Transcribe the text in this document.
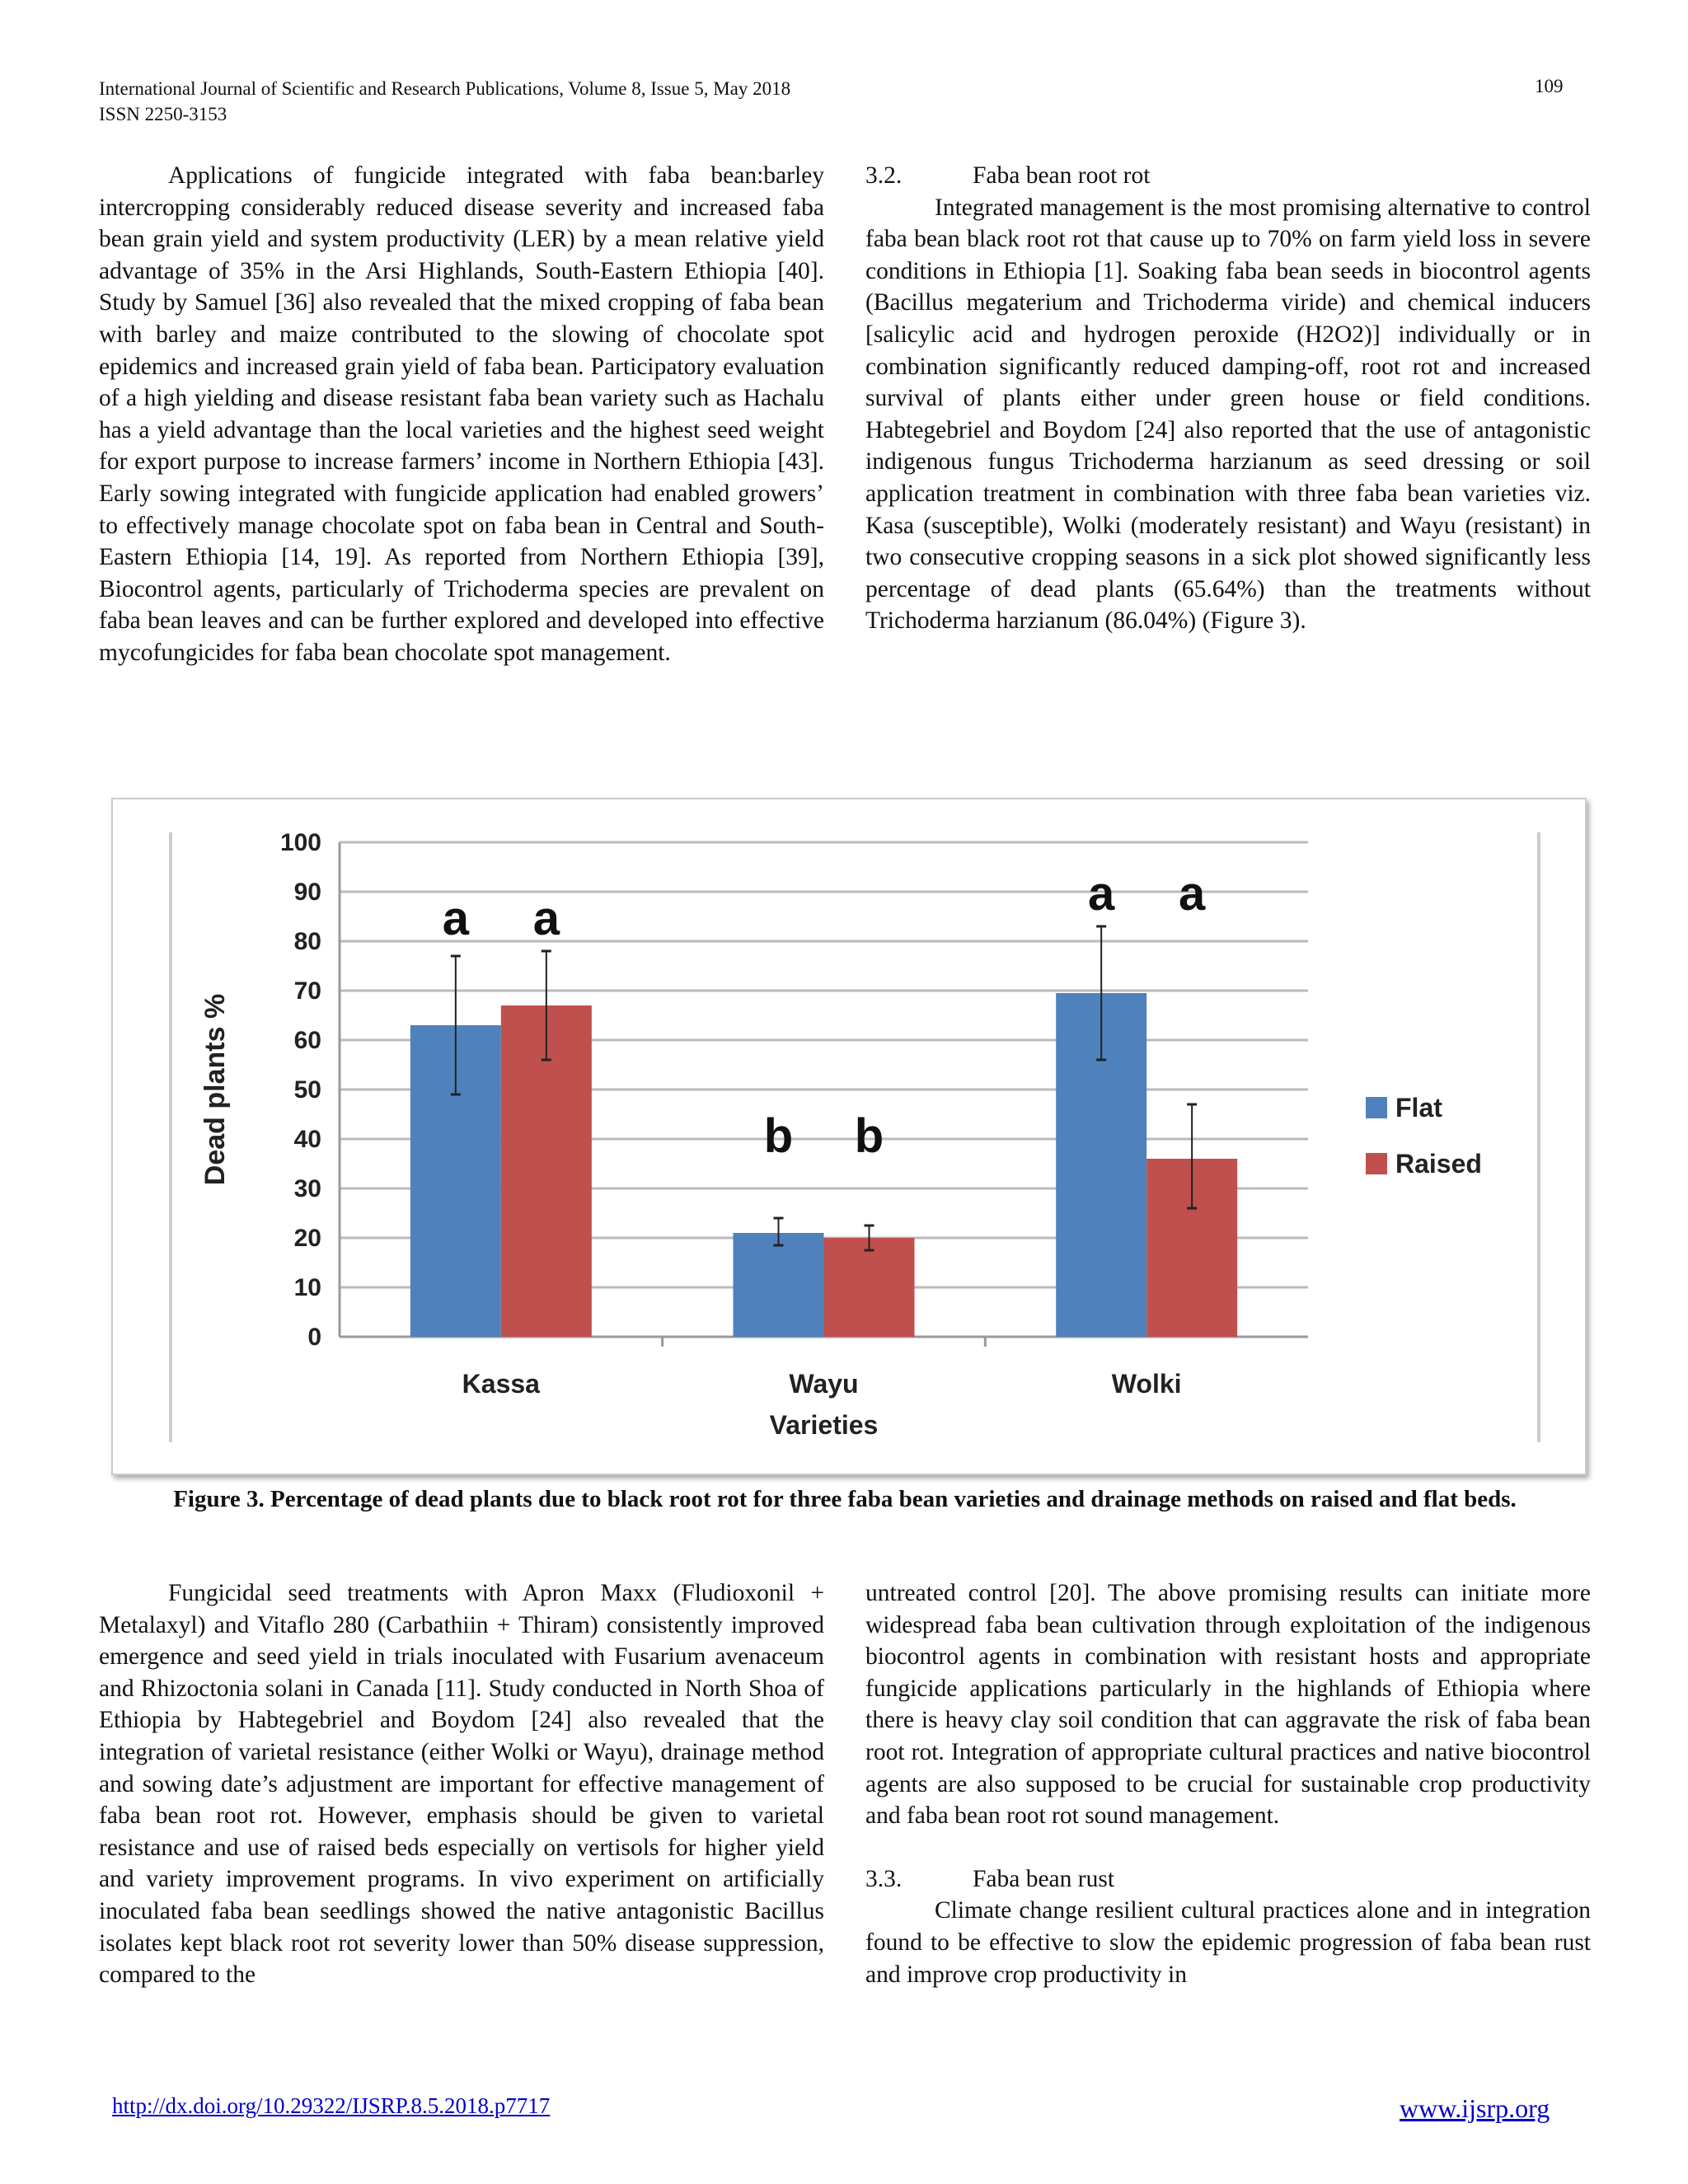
International Journal of Scientific and Research Publications, Volume 8, Issue 5, May 2018
ISSN 2250-3153
109

Applications of fungicide integrated with faba bean:barley intercropping considerably reduced disease severity and increased faba bean grain yield and system productivity (LER) by a mean relative yield advantage of 35% in the Arsi Highlands, South-Eastern Ethiopia [40]. Study by Samuel [36] also revealed that the mixed cropping of faba bean with barley and maize contributed to the slowing of chocolate spot epidemics and increased grain yield of faba bean. Participatory evaluation of a high yielding and disease resistant faba bean variety such as Hachalu has a yield advantage than the local varieties and the highest seed weight for export purpose to increase farmers’ income in Northern Ethiopia [43]. Early sowing integrated with fungicide application had enabled growers’ to effectively manage chocolate spot on faba bean in Central and South-Eastern Ethiopia [14, 19]. As reported from Northern Ethiopia [39], Biocontrol agents, particularly of Trichoderma species are prevalent on faba bean leaves and can be further explored and developed into effective mycofungicides for faba bean chocolate spot management.

3.2.	Faba bean root rot

Integrated management is the most promising alternative to control faba bean black root rot that cause up to 70% on farm yield loss in severe conditions in Ethiopia [1]. Soaking faba bean seeds in biocontrol agents (Bacillus megaterium and Trichoderma viride) and chemical inducers [salicylic acid and hydrogen peroxide (H2O2)] individually or in combination significantly reduced damping-off, root rot and increased survival of plants either under green house or field conditions. Habtegebriel and Boydom [24] also reported that the use of antagonistic indigenous fungus Trichoderma harzianum as seed dressing or soil application treatment in combination with three faba bean varieties viz. Kasa (susceptible), Wolki (moderately resistant) and Wayu (resistant) in two consecutive cropping seasons in a sick plot showed significantly less percentage of dead plants (65.64%) than the treatments without Trichoderma harzianum (86.04%) (Figure 3).

0
10
20
30
40
50
60
70
80
90
100
Kassa
a a
Wayu
b b
Wolki
a a
Varieties
Dead plants %	Flat
Raised
Figure 3. Percentage of dead plants due to black root rot for three faba bean varieties and drainage methods on raised and flat beds.

Fungicidal seed treatments with Apron Maxx (Fludioxonil + Metalaxyl) and Vitaflo 280 (Carbathiin + Thiram) consistently improved emergence and seed yield in trials inoculated with Fusarium avenaceum and Rhizoctonia solani in Canada [11]. Study conducted in North Shoa of Ethiopia by Habtegebriel and Boydom [24] also revealed that the integration of varietal resistance (either Wolki or Wayu), drainage method and sowing date’s adjustment are important for effective management of faba bean root rot. However, emphasis should be given to varietal resistance and use of raised beds especially on vertisols for higher yield and variety improvement programs. In vivo experiment on artificially inoculated faba bean seedlings showed the native antagonistic Bacillus isolates kept black root rot severity lower than 50% disease suppression, compared to the

untreated control [20]. The above promising results can initiate more widespread faba bean cultivation through exploitation of the indigenous biocontrol agents in combination with resistant hosts and appropriate fungicide applications particularly in the highlands of Ethiopia where there is heavy clay soil condition that can aggravate the risk of faba bean root rot. Integration of appropriate cultural practices and native biocontrol agents are also supposed to be crucial for sustainable crop productivity and faba bean root rot sound management.

3.3.	Faba bean rust

Climate change resilient cultural practices alone and in integration found to be effective to slow the epidemic progression of faba bean rust and improve crop productivity in

http://dx.doi.org/10.29322/IJSRP.8.5.2018.p7717	www.ijsrp.org
